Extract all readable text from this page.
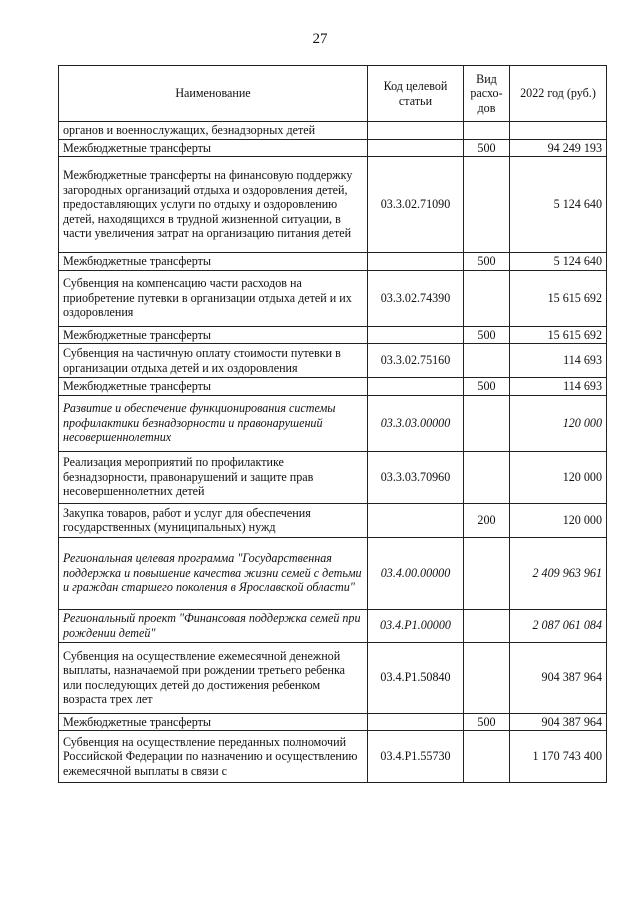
27
Наименование	Код целевой статьи	Вид расхо-дов	2022 год (руб.)
органов и военнослужащих, безнадзорных детей			
Межбюджетные трансферты		500	94 249 193
Межбюджетные трансферты на финансовую поддержку загородных организаций отдыха и оздоровления детей, предоставляющих услуги по отдыху и оздоровлению детей, находящихся в трудной жизненной ситуации, в части увеличения затрат на организацию питания детей	03.3.02.71090		5 124 640
Межбюджетные трансферты		500	5 124 640
Субвенция на компенсацию части расходов на приобретение путевки в организации отдыха детей и их оздоровления	03.3.02.74390		15 615 692
Межбюджетные трансферты		500	15 615 692
Субвенция на частичную оплату стоимости путевки в организации отдыха детей и их оздоровления	03.3.02.75160		114 693
Межбюджетные трансферты		500	114 693
Развитие и обеспечение функционирования системы профилактики безнадзорности и правонарушений несовершеннолетних	03.3.03.00000		120 000
Реализация мероприятий по профилактике безнадзорности, правонарушений и защите прав несовершеннолетних детей	03.3.03.70960		120 000
Закупка товаров, работ и услуг для обеспечения государственных (муниципальных) нужд		200	120 000
Региональная целевая программа "Государственная поддержка и повышение качества жизни семей с детьми и граждан старшего поколения в Ярославской области"	03.4.00.00000		2 409 963 961
Региональный проект "Финансовая поддержка семей при рождении детей"	03.4.Р1.00000		2 087 061 084
Субвенция на осуществление ежемесячной денежной выплаты, назначаемой при рождении третьего ребенка или последующих детей до достижения ребенком возраста трех лет	03.4.Р1.50840		904 387 964
Межбюджетные трансферты		500	904 387 964
Субвенция на осуществление переданных полномочий Российской Федерации по назначению и осуществлению ежемесячной выплаты в связи с	03.4.Р1.55730		1 170 743 400
